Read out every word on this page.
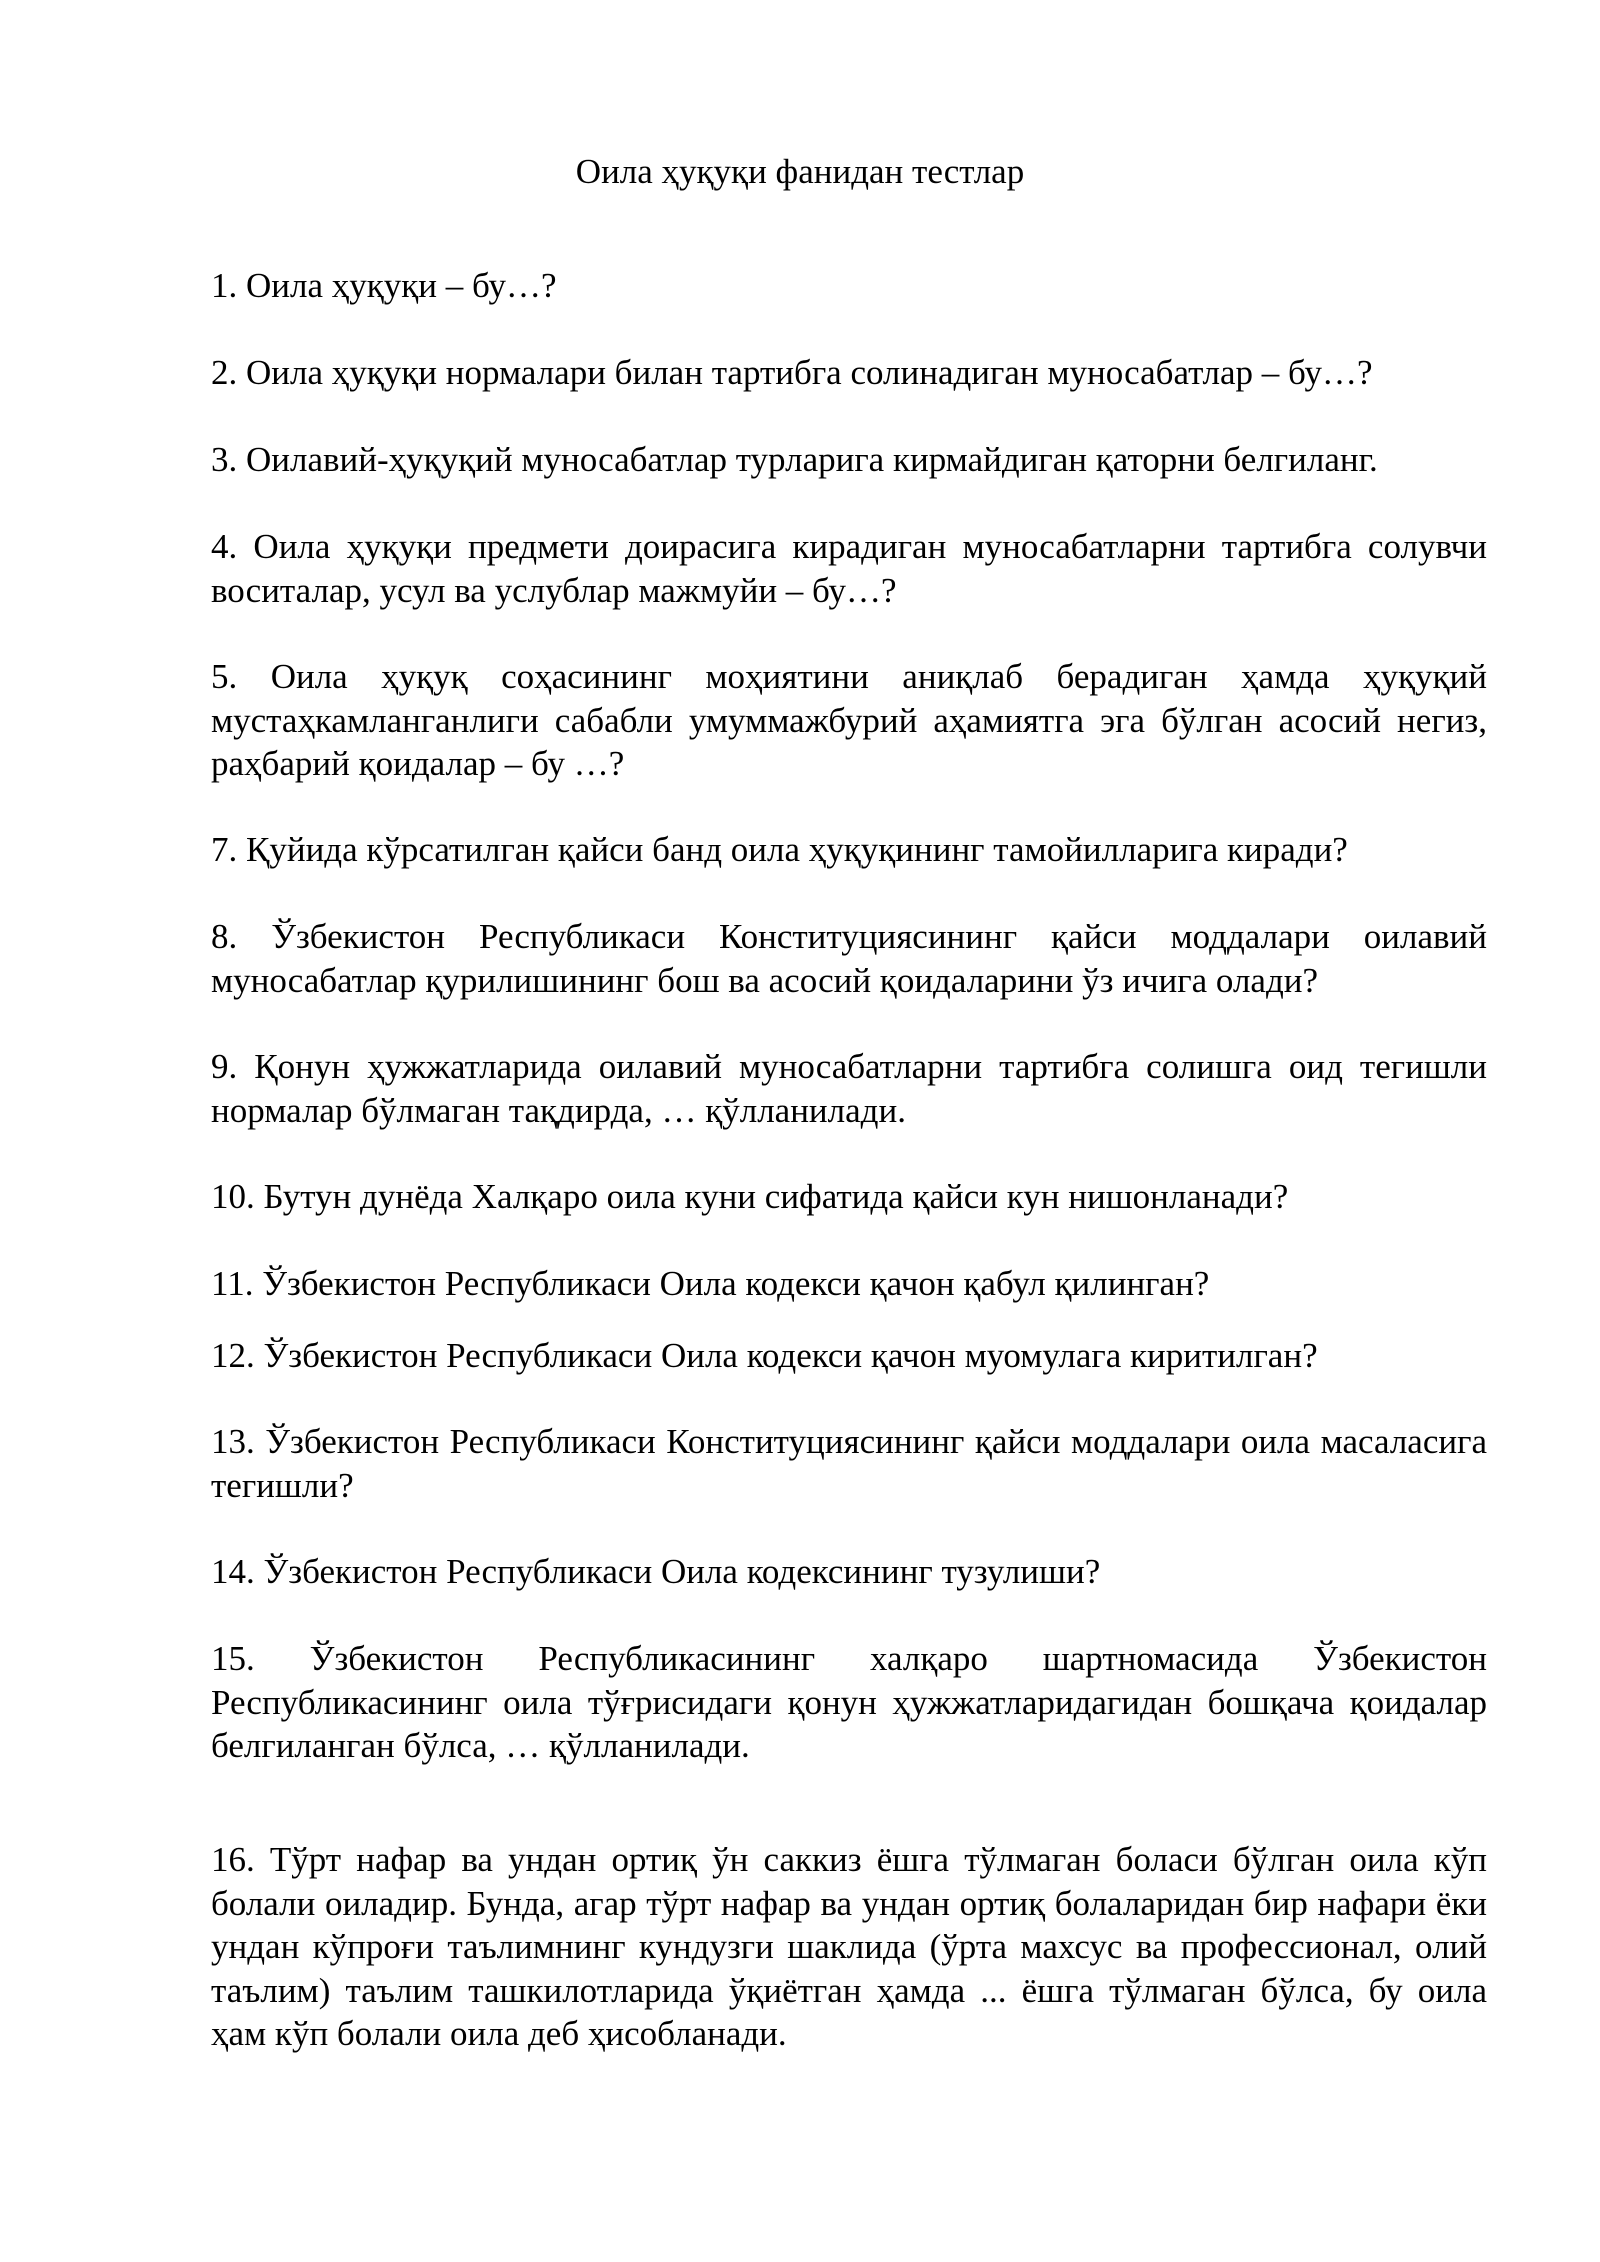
Оила ҳуқуқи фанидан тестлар

1. Оила ҳуқуқи – бу…?

2. Оила ҳуқуқи нормалари билан тартибга солинадиган муносабатлар – бу…?

3. Оилавий-ҳуқуқий муносабатлар турларига кирмайдиган қаторни белгиланг.

4. Оила ҳуқуқи предмети доирасига кирадиган муносабатларни тартибга солувчи воситалар, усул ва услублар мажмуйи – бу…?

5. Оила ҳуқуқ соҳасининг моҳиятини аниқлаб берадиган ҳамда ҳуқуқий мустаҳкамланганлиги сабабли умуммажбурий аҳамиятга эга бўлган асосий негиз, раҳбарий қоидалар – бу …?

7. Қуйида кўрсатилган қайси банд оила ҳуқуқининг тамойилларига киради?

8. Ўзбекистон Республикаси Конституциясининг қайси моддалари оилавий муносабатлар қурилишининг бош ва асосий қоидаларини ўз ичига олади?

9. Қонун ҳужжатларида оилавий муносабатларни тартибга солишга оид тегишли нормалар бўлмаган тақдирда, … қўлланилади.

10. Бутун дунёда Халқаро оила куни сифатида қайси кун нишонланади?

11. Ўзбекистон Республикаси Оила кодекси қачон қабул қилинган?

12. Ўзбекистон Республикаси Оила кодекси қачон муомулага киритилган?

13. Ўзбекистон Республикаси Конституциясининг қайси моддалари оила масаласига тегишли?

14. Ўзбекистон Республикаси Оила кодексининг тузулиши?

15. Ўзбекистон Республикасининг халқаро шартномасида Ўзбекистон Республикасининг оила тўғрисидаги қонун ҳужжатларидагидан бошқача қоидалар белгиланган бўлса, … қўлланилади.

16. Тўрт нафар ва ундан ортиқ ўн саккиз ёшга тўлмаган боласи бўлган оила кўп болали оиладир. Бунда, агар тўрт нафар ва ундан ортиқ болаларидан бир нафари ёки ундан кўпроғи таълимнинг кундузги шаклида (ўрта махсус ва профессионал, олий таълим) таълим ташкилотларида ўқиётган ҳамда ... ёшга тўлмаган бўлса, бу оила ҳам кўп болали оила деб ҳисобланади.
